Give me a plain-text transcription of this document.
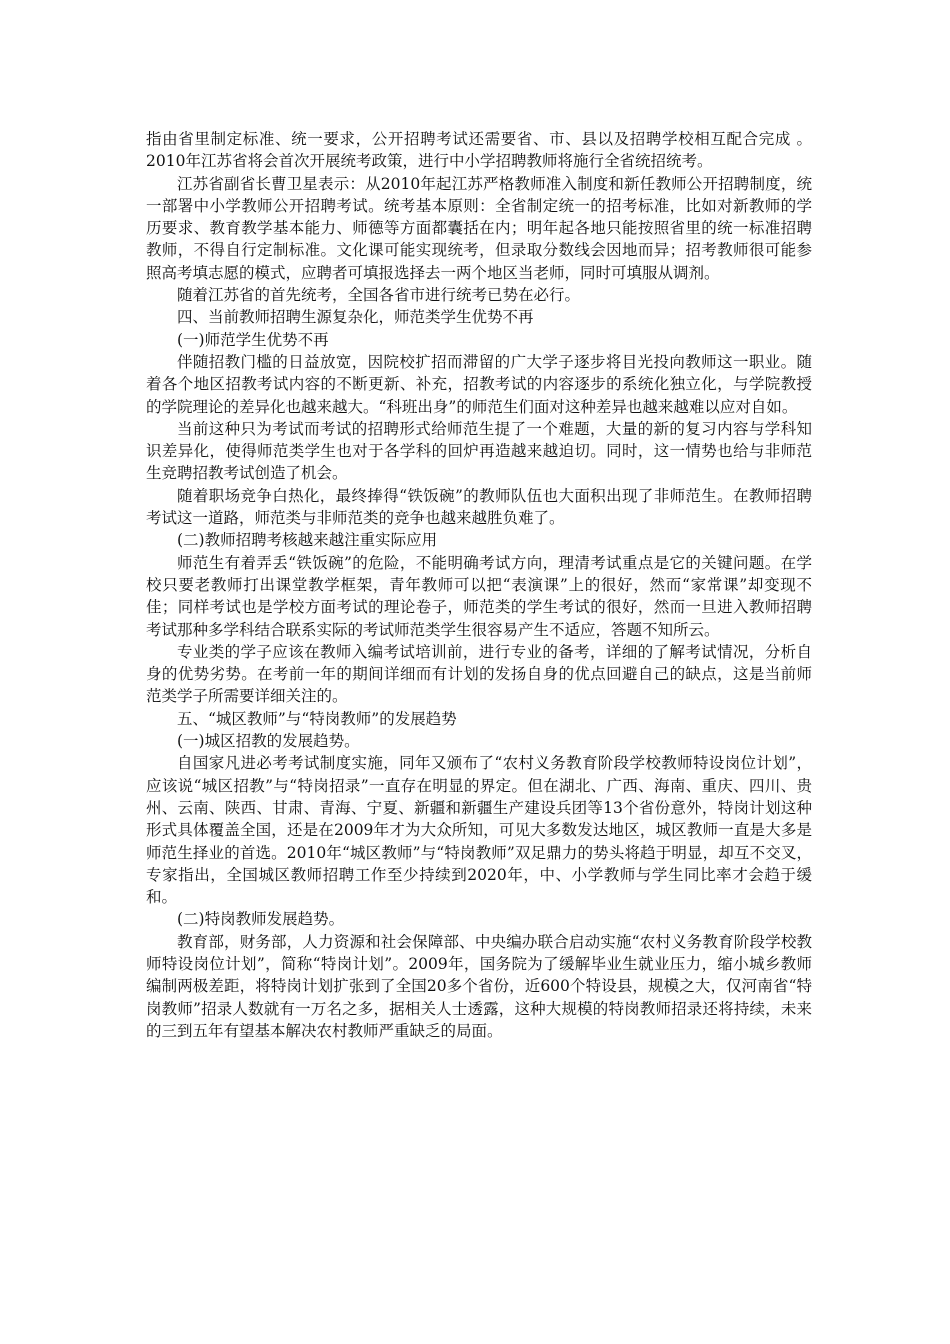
指由省里制定标准、统一要求，公开招聘考试还需要省、市、县以及招聘学校相互配合完成 。2010年江苏省将会首次开展统考政策，进行中小学招聘教师将施行全省统招统考。

江苏省副省长曹卫星表示：从2010年起江苏严格教师准入制度和新任教师公开招聘制度，统一部署中小学教师公开招聘考试。统考基本原则：全省制定统一的招考标准，比如对新教师的学历要求、教育教学基本能力、师德等方面都囊括在内；明年起各地只能按照省里的统一标准招聘教师，不得自行定制标准。文化课可能实现统考，但录取分数线会因地而异；招考教师很可能参照高考填志愿的模式，应聘者可填报选择去一两个地区当老师，同时可填服从调剂。

随着江苏省的首先统考，全国各省市进行统考已势在必行。

四、当前教师招聘生源复杂化，师范类学生优势不再

(一)师范学生优势不再

伴随招教门槛的日益放宽，因院校扩招而滞留的广大学子逐步将目光投向教师这一职业。随着各个地区招教考试内容的不断更新、补充，招教考试的内容逐步的系统化独立化，与学院教授的学院理论的差异化也越来越大。“科班出身”的师范生们面对这种差异也越来越难以应对自如。

当前这种只为考试而考试的招聘形式给师范生提了一个难题，大量的新的复习内容与学科知识差异化，使得师范类学生也对于各学科的回炉再造越来越迫切。同时，这一情势也给与非师范生竞聘招教考试创造了机会。

随着职场竞争白热化，最终捧得“铁饭碗”的教师队伍也大面积出现了非师范生。在教师招聘考试这一道路，师范类与非师范类的竞争也越来越胜负难了。

(二)教师招聘考核越来越注重实际应用

师范生有着弄丢“铁饭碗”的危险，不能明确考试方向，理清考试重点是它的关键问题。在学校只要老教师打出课堂教学框架，青年教师可以把“表演课”上的很好，然而“家常课”却变现不佳；同样考试也是学校方面考试的理论卷子，师范类的学生考试的很好，然而一旦进入教师招聘考试那种多学科结合联系实际的考试师范类学生很容易产生不适应，答题不知所云。

专业类的学子应该在教师入编考试培训前，进行专业的备考，详细的了解考试情况，分析自身的优势劣势。在考前一年的期间详细而有计划的发扬自身的优点回避自己的缺点，这是当前师范类学子所需要详细关注的。

五、“城区教师”与“特岗教师”的发展趋势

(一)城区招教的发展趋势。

自国家凡进必考考试制度实施，同年又颁布了“农村义务教育阶段学校教师特设岗位计划”，应该说“城区招教”与“特岗招录”一直存在明显的界定。但在湖北、广西、海南、重庆、四川、贵州、云南、陕西、甘肃、青海、宁夏、新疆和新疆生产建设兵团等13个省份意外，特岗计划这种形式具体覆盖全国，还是在2009年才为大众所知，可见大多数发达地区，城区教师一直是大多是师范生择业的首选。2010年“城区教师”与“特岗教师”双足鼎力的势头将趋于明显，却互不交叉，专家指出，全国城区教师招聘工作至少持续到2020年，中、小学教师与学生同比率才会趋于缓和。

(二)特岗教师发展趋势。

教育部，财务部，人力资源和社会保障部、中央编办联合启动实施“农村义务教育阶段学校教师特设岗位计划”，简称“特岗计划”。2009年，国务院为了缓解毕业生就业压力，缩小城乡教师编制两极差距，将特岗计划扩张到了全国20多个省份，近600个特设县，规模之大，仅河南省“特岗教师”招录人数就有一万名之多，据相关人士透露，这种大规模的特岗教师招录还将持续，未来的三到五年有望基本解决农村教师严重缺乏的局面。
